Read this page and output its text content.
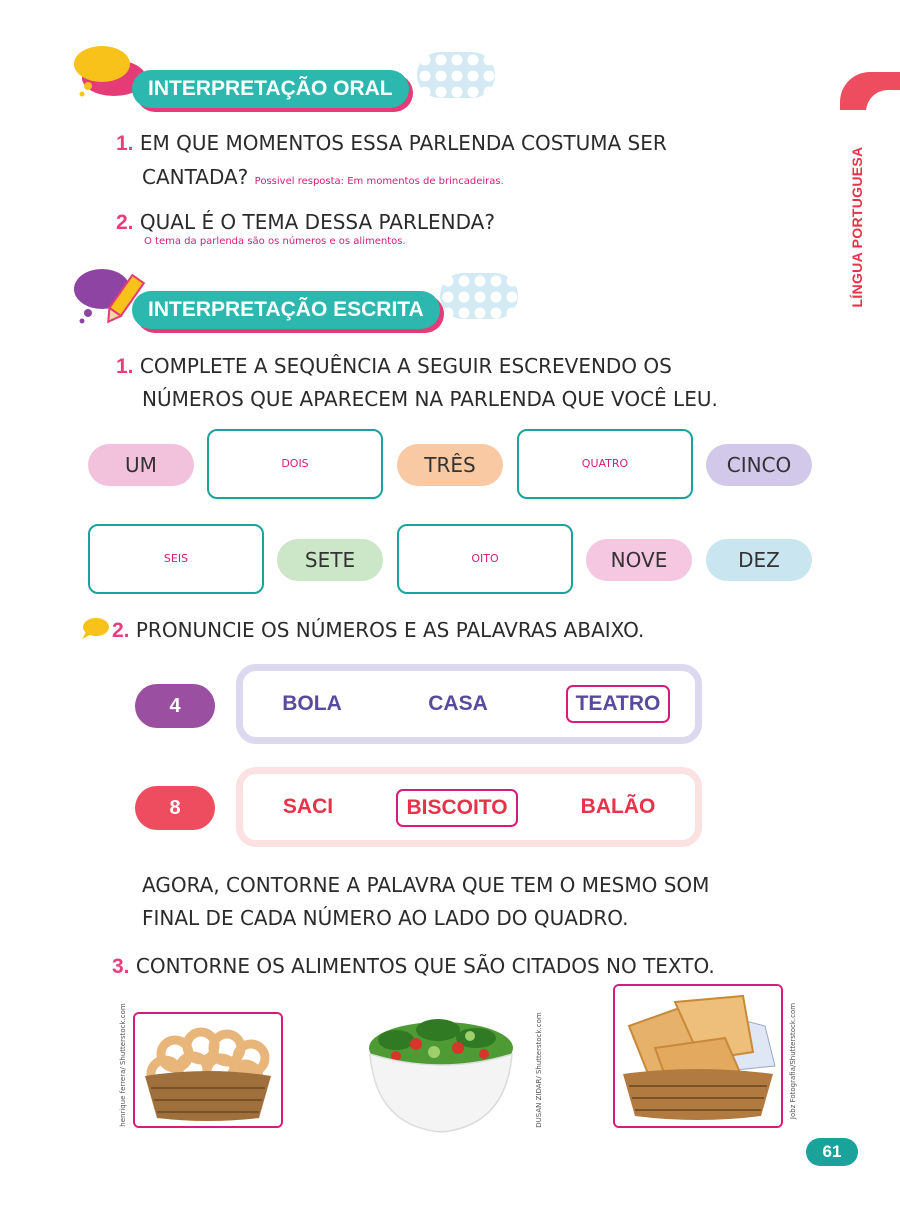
LÍNGUA PORTUGUESA
INTERPRETAÇÃO ORAL
1. EM QUE MOMENTOS ESSA PARLENDA COSTUMA SER
CANTADA? Possivel resposta: Em momentos de brincadeiras.
2. QUAL É O TEMA DESSA PARLENDA?
O tema da parlenda são os números e os alimentos.
INTERPRETAÇÃO ESCRITA
1. COMPLETE A SEQUÊNCIA A SEGUIR ESCREVENDO OS
NÚMEROS QUE APARECEM NA PARLENDA QUE VOCÊ LEU.
UM	DOIS	TRÊS	QUATRO	CINCO
SEIS	SETE	OITO	NOVE	DEZ
2. PRONUNCIE OS NÚMEROS E AS PALAVRAS ABAIXO.
4	BOLA	CASA	TEATRO
8	SACI	BISCOITO	BALÃO
AGORA, CONTORNE A PALAVRA QUE TEM O MESMO SOM
FINAL DE CADA NÚMERO AO LADO DO QUADRO.
3. CONTORNE OS ALIMENTOS QUE SÃO CITADOS NO TEXTO.
henrique ferrera/ Shutterstock.com	DUSAN ZIDAR/ Shutterstock.com	Jobz Fotografia/Shutterstock.com
61
